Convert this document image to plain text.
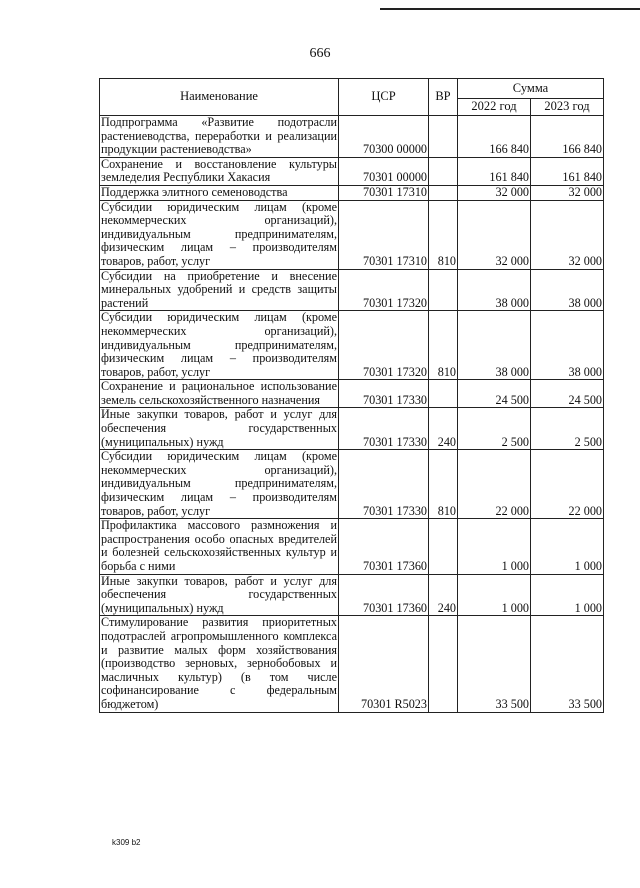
666
Наименование	ЦСР	ВР	Сумма	
			2022 год	2023 год
Подпрограмма «Развитие подотрасли растениеводства, переработки и реализации продукции растениеводства»	70300 00000		166 840	166 840
Сохранение и восстановление культуры земледелия Республики Хакасия	70301 00000		161 840	161 840
Поддержка элитного семеноводства	70301 17310		32 000	32 000
Субсидии юридическим лицам (кроме некоммерческих организаций), индивидуальным предпринимателям, физическим лицам – производителям товаров, работ, услуг	70301 17310	810	32 000	32 000
Субсидии на приобретение и внесение минеральных удобрений и средств защиты растений	70301 17320		38 000	38 000
Субсидии юридическим лицам (кроме некоммерческих организаций), индивидуальным предпринимателям, физическим лицам – производителям товаров, работ, услуг	70301 17320	810	38 000	38 000
Сохранение и рациональное использование земель сельскохозяйственного назначения	70301 17330		24 500	24 500
Иные закупки товаров, работ и услуг для обеспечения государственных (муниципальных) нужд	70301 17330	240	2 500	2 500
Субсидии юридическим лицам (кроме некоммерческих организаций), индивидуальным предпринимателям, физическим лицам – производителям товаров, работ, услуг	70301 17330	810	22 000	22 000
Профилактика массового размножения и распространения особо опасных вредителей и болезней сельскохозяйственных культур и борьба с ними	70301 17360		1 000	1 000
Иные закупки товаров, работ и услуг для обеспечения государственных (муниципальных) нужд	70301 17360	240	1 000	1 000
Стимулирование развития приоритетных подотраслей агропромышленного комплекса и развитие малых форм хозяйствования (производство зерновых, зернобобовых и масличных культур) (в том числе софинансирование с федеральным бюджетом)	70301 R5023		33 500	33 500
k309 b2
